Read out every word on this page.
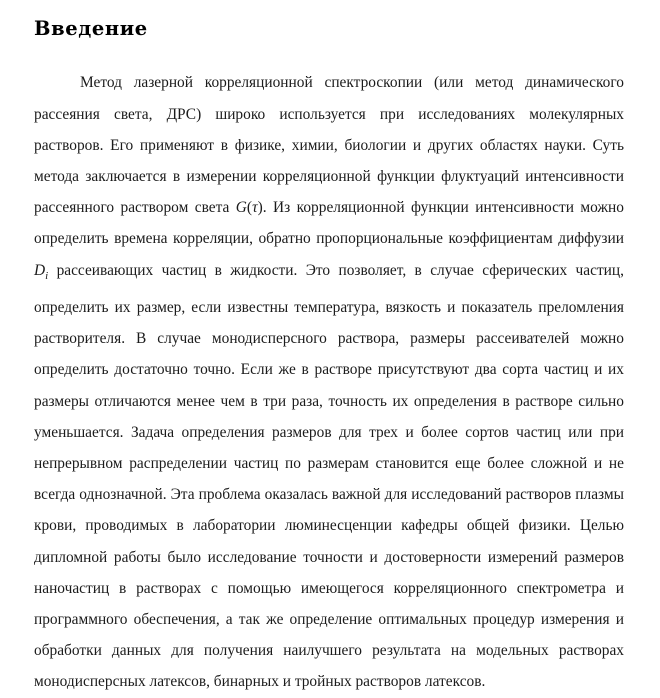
Введение

Метод лазерной корреляционной спектроскопии (или метод динамического рассеяния света, ДРС) широко используется при исследованиях молекулярных растворов. Его применяют в физике, химии, биологии и других областях науки. Суть метода заключается в измерении корреляционной функции флуктуаций интенсивности рассеянного раствором света G(τ). Из корреляционной функции интенсивности можно определить времена корреляции, обратно пропорциональные коэффициентам диффузии $D_i$ рассеивающих частиц в жидкости. Это позволяет, в случае сферических частиц, определить их размер, если известны температура, вязкость и показатель преломления растворителя. В случае монодисперсного раствора, размеры рассеивателей можно определить достаточно точно. Если же в растворе присутствуют два сорта частиц и их размеры отличаются менее чем в три раза, точность их определения в растворе сильно уменьшается. Задача определения размеров для трех и более сортов частиц или при непрерывном распределении частиц по размерам становится еще более сложной и не всегда однозначной. Эта проблема оказалась важной для исследований растворов плазмы крови, проводимых в лаборатории люминесценции кафедры общей физики. Целью дипломной работы было исследование точности и достоверности измерений размеров наночастиц в растворах с помощью имеющегося корреляционного спектрометра и программного обеспечения, а так же определение оптимальных процедур измерения и обработки данных для получения наилучшего результата на модельных растворах монодисперсных латексов, бинарных и тройных растворов латексов.
